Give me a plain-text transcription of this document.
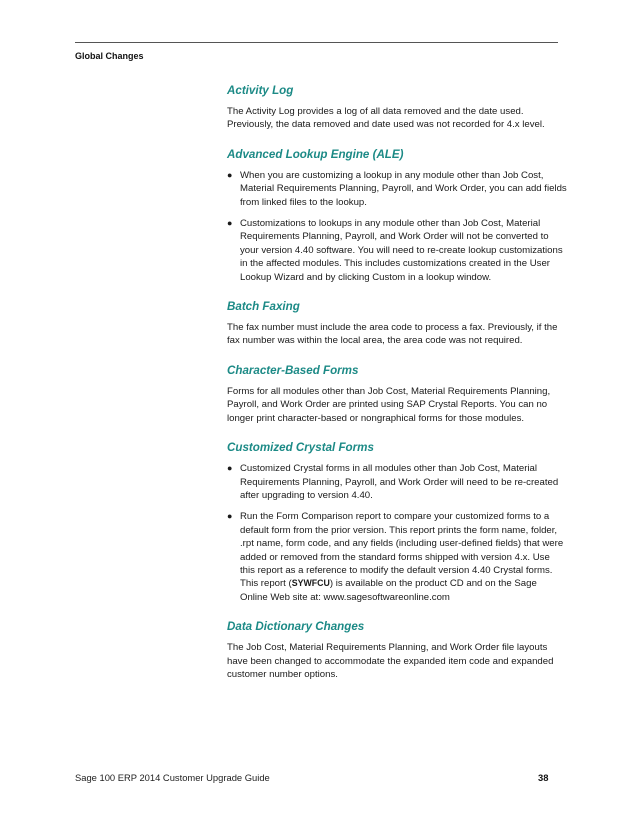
Global Changes
Activity Log

The Activity Log provides a log of all data removed and the date used. Previously, the data removed and date used was not recorded for 4.x level.

Advanced Lookup Engine (ALE)
● When you are customizing a lookup in any module other than Job Cost, Material Requirements Planning, Payroll, and Work Order, you can add fields from linked files to the lookup.

● Customizations to lookups in any module other than Job Cost, Material Requirements Planning, Payroll, and Work Order will not be converted to your version 4.40 software. You will need to re-create lookup customizations in the affected modules. This includes customizations created in the User Lookup Wizard and by clicking Custom in a lookup window.

Batch Faxing

The fax number must include the area code to process a fax. Previously, if the fax number was within the local area, the area code was not required.

Character-Based Forms

Forms for all modules other than Job Cost, Material Requirements Planning, Payroll, and Work Order are printed using SAP Crystal Reports. You can no longer print character-based or nongraphical forms for those modules.

Customized Crystal Forms
● Customized Crystal forms in all modules other than Job Cost, Material Requirements Planning, Payroll, and Work Order will need to be re-created after upgrading to version 4.40.

● Run the Form Comparison report to compare your customized forms to a default form from the prior version. This report prints the form name, folder, .rpt name, form code, and any fields (including user-defined fields) that were added or removed from the standard forms shipped with version 4.x. Use this report as a reference to modify the default version 4.40 Crystal forms. This report (SYWFCU) is available on the product CD and on the Sage Online Web site at: www.sagesoftwareonline.com

Data Dictionary Changes

The Job Cost, Material Requirements Planning, and Work Order file layouts have been changed to accommodate the expanded item code and expanded customer number options.

Sage 100 ERP 2014 Customer Upgrade Guide	38
